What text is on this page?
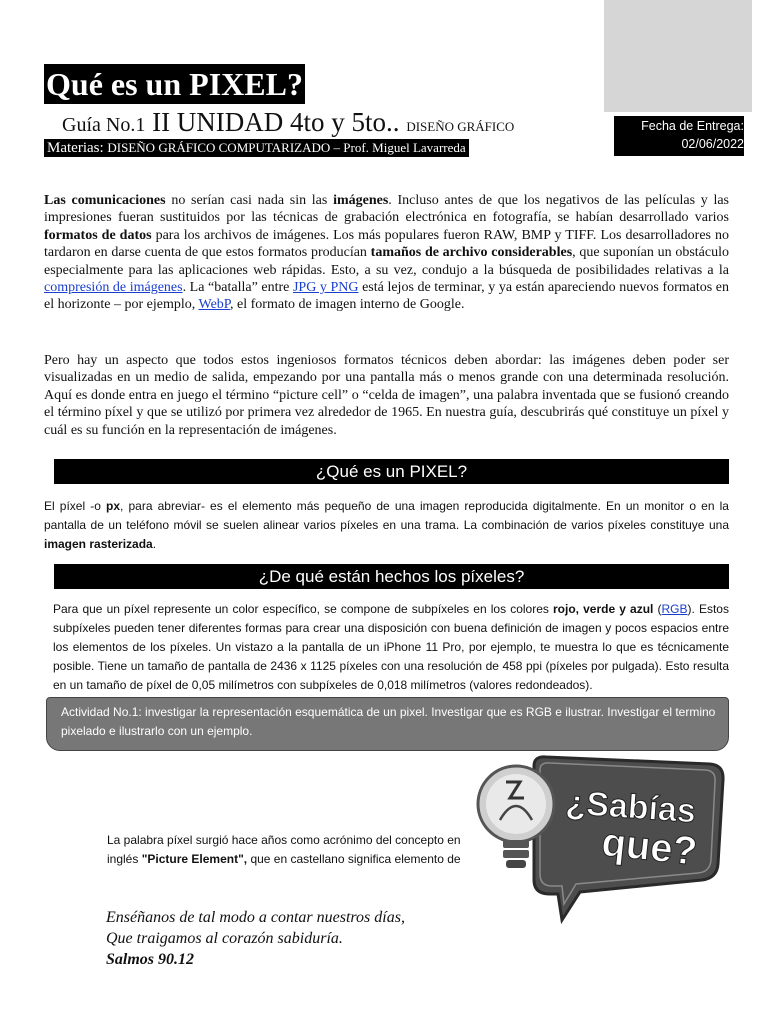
Qué es un PIXEL?
Guía No.1 II UNIDAD 4to y 5to.. DISEÑO GRÁFICO
Materias: DISEÑO GRÁFICO COMPUTARIZADO – Prof. Miguel Lavarreda
Fecha de Entrega:
02/06/2022
Las comunicaciones no serían casi nada sin las imágenes. Incluso antes de que los negativos de las películas y las impresiones fueran sustituidos por las técnicas de grabación electrónica en fotografía, se habían desarrollado varios formatos de datos para los archivos de imágenes. Los más populares fueron RAW, BMP y TIFF. Los desarrolladores no tardaron en darse cuenta de que estos formatos producían tamaños de archivo considerables, que suponían un obstáculo especialmente para las aplicaciones web rápidas. Esto, a su vez, condujo a la búsqueda de posibilidades relativas a la compresión de imágenes. La “batalla” entre JPG y PNG está lejos de terminar, y ya están apareciendo nuevos formatos en el horizonte – por ejemplo, WebP, el formato de imagen interno de Google.
Pero hay un aspecto que todos estos ingeniosos formatos técnicos deben abordar: las imágenes deben poder ser visualizadas en un medio de salida, empezando por una pantalla más o menos grande con una determinada resolución. Aquí es donde entra en juego el término “picture cell” o “celda de imagen”, una palabra inventada que se fusionó creando el término píxel y que se utilizó por primera vez alrededor de 1965. En nuestra guía, descubrirás qué constituye un píxel y cuál es su función en la representación de imágenes.
¿Qué es un PIXEL?
El píxel -o px, para abreviar- es el elemento más pequeño de una imagen reproducida digitalmente. En un monitor o en la pantalla de un teléfono móvil se suelen alinear varios píxeles en una trama. La combinación de varios píxeles constituye una imagen rasterizada.
¿De qué están hechos los píxeles?
Para que un píxel represente un color específico, se compone de subpíxeles en los colores rojo, verde y azul (RGB). Estos subpíxeles pueden tener diferentes formas para crear una disposición con buena definición de imagen y pocos espacios entre los elementos de los píxeles. Un vistazo a la pantalla de un iPhone 11 Pro, por ejemplo, te muestra lo que es técnicamente posible. Tiene un tamaño de pantalla de 2436 x 1125 píxeles con una resolución de 458 ppi (píxeles por pulgada). Esto resulta en un tamaño de píxel de 0,05 milímetros con subpíxeles de 0,018 milímetros (valores redondeados).
Actividad No.1: investigar la representación esquemática de un pixel. Investigar que es RGB e ilustrar. Investigar el termino pixelado e ilustrarlo con un ejemplo.
¿Sabías
que?
La palabra píxel surgió hace años como acrónimo del concepto en inglés "Picture Element", que en castellano significa elemento de
Enséñanos de tal modo a contar nuestros días,
Que traigamos al corazón sabiduría.
Salmos 90.12
